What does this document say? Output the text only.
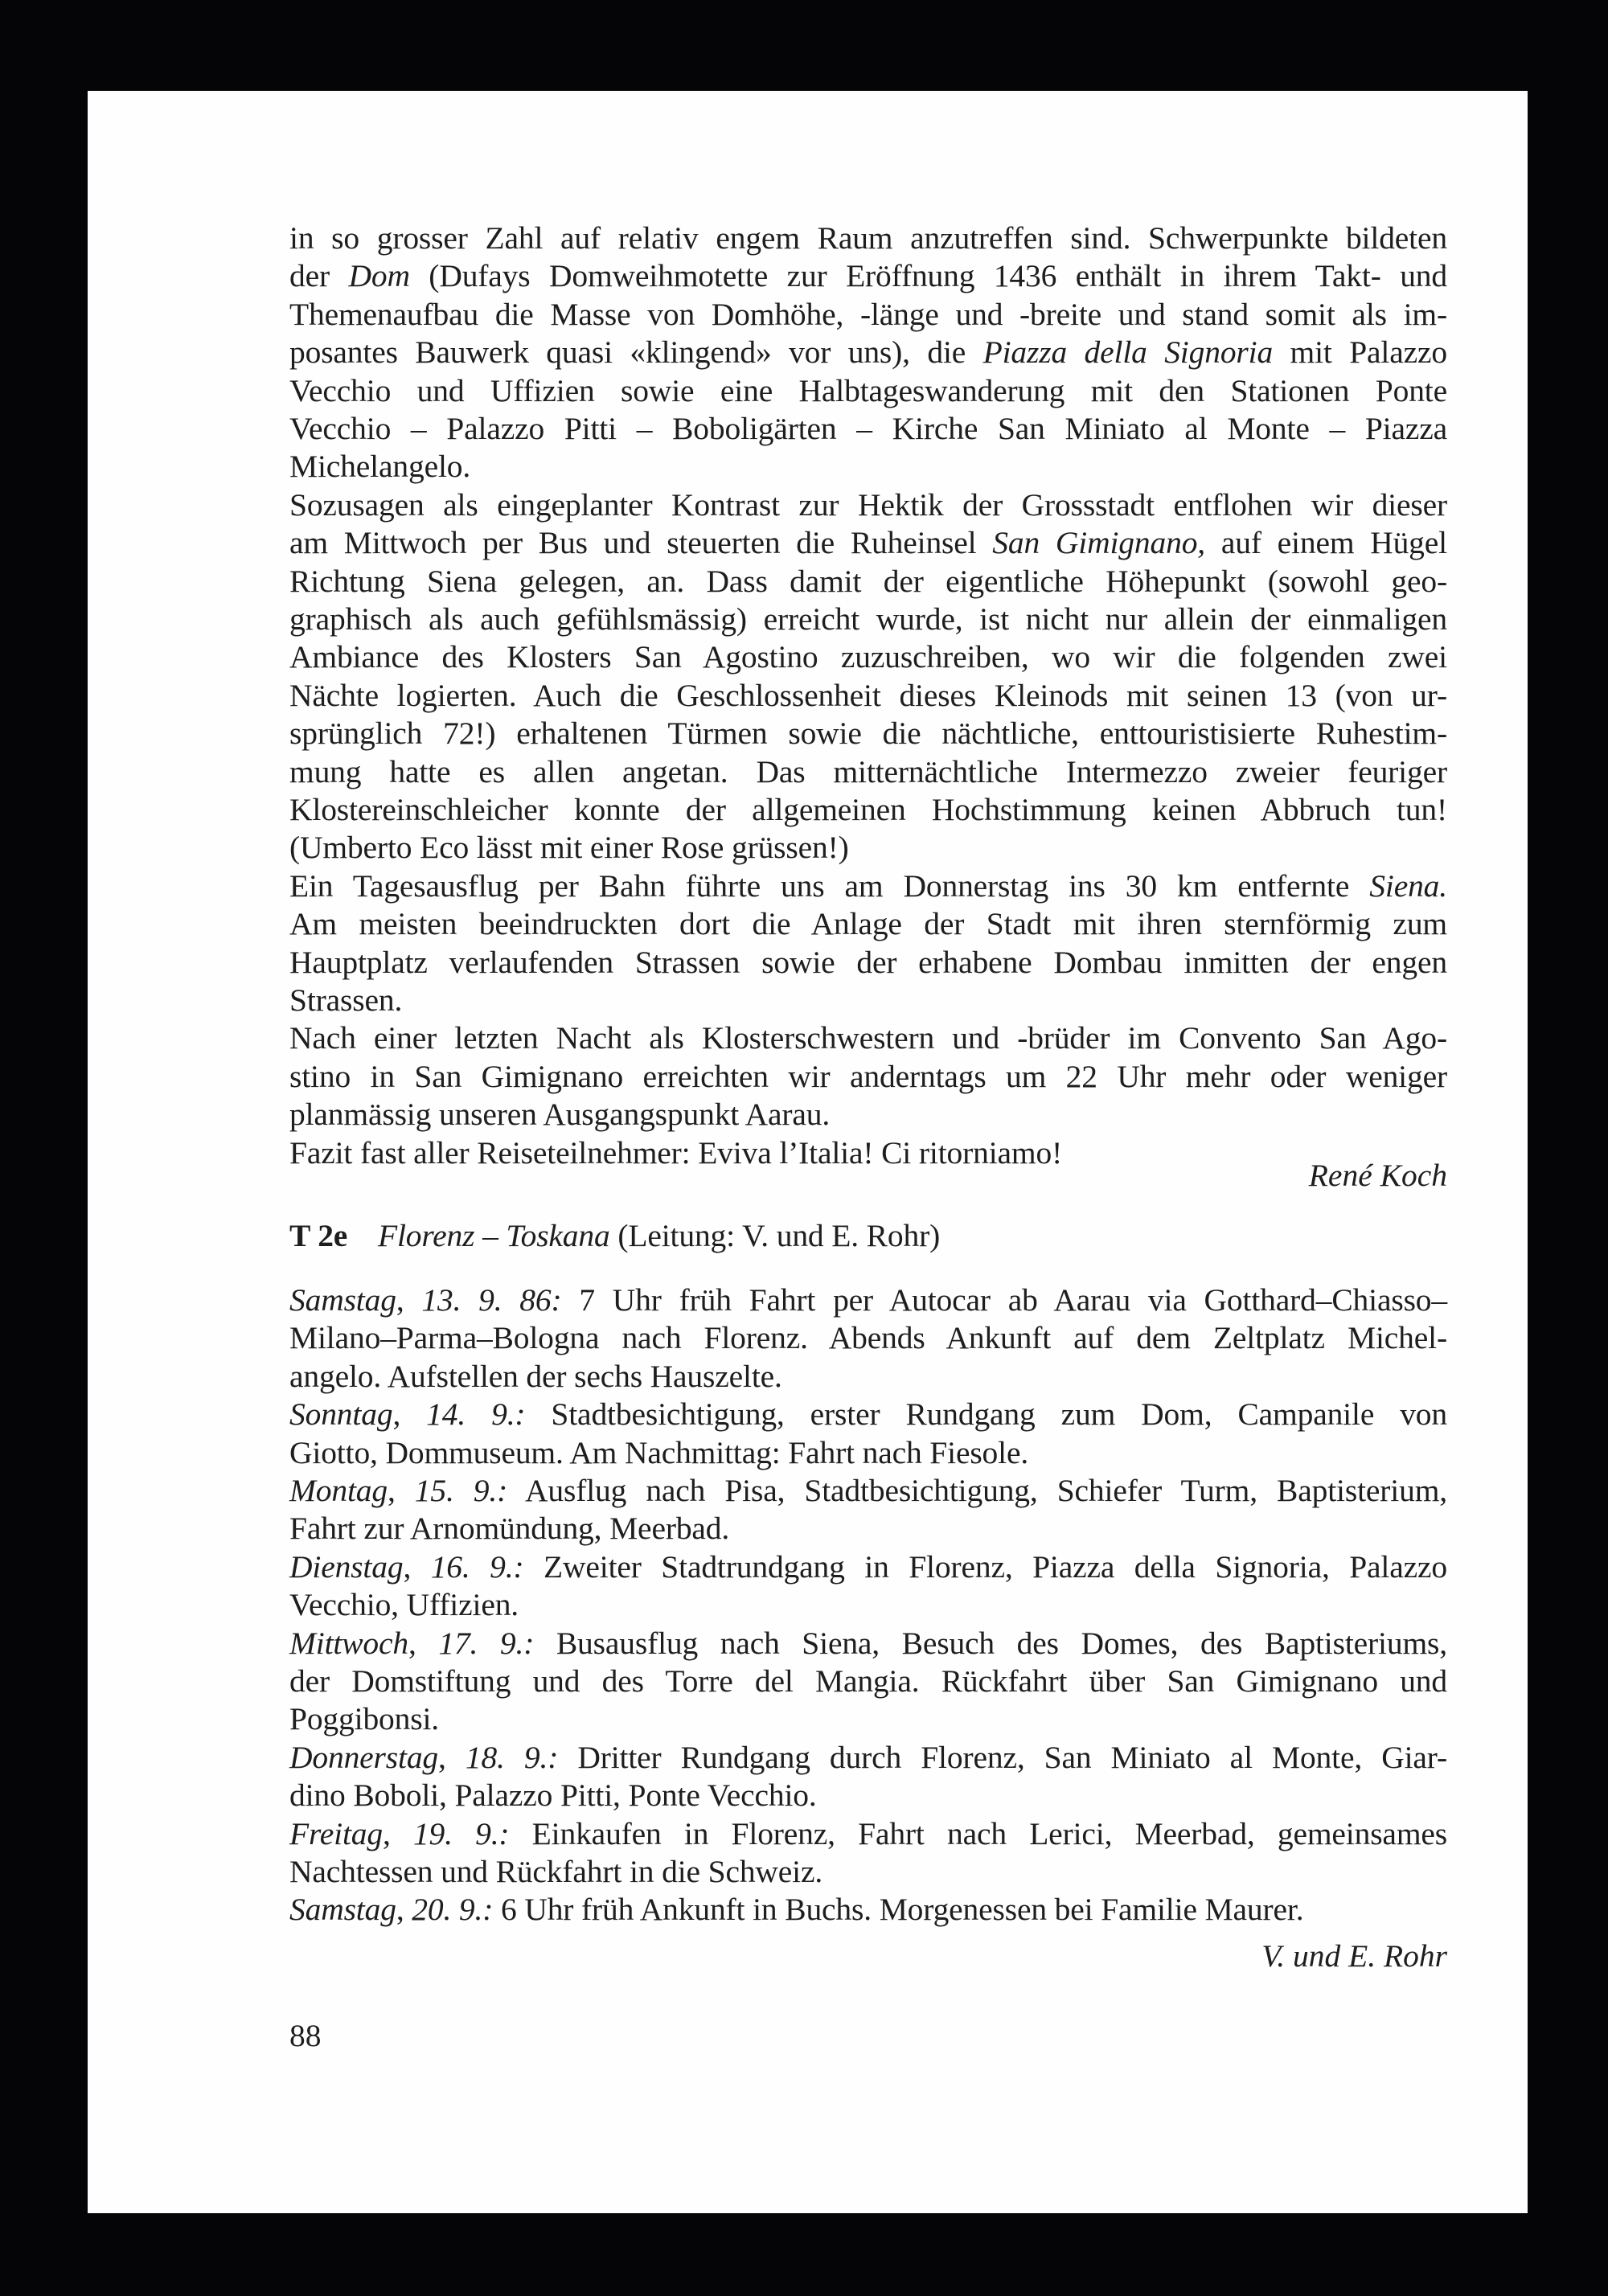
in so grosser Zahl auf relativ engem Raum anzutreffen sind. Schwerpunkte bildeten
der Dom (Dufays Domweihmotette zur Eröffnung 1436 enthält in ihrem Takt- und
Themenaufbau die Masse von Domhöhe, -länge und -breite und stand somit als im-
posantes Bauwerk quasi «klingend» vor uns), die Piazza della Signoria mit Palazzo
Vecchio und Uffizien sowie eine Halbtageswanderung mit den Stationen Ponte
Vecchio – Palazzo Pitti – Boboligärten – Kirche San Miniato al Monte – Piazza
Michelangelo.
Sozusagen als eingeplanter Kontrast zur Hektik der Grossstadt entflohen wir dieser
am Mittwoch per Bus und steuerten die Ruheinsel San Gimignano, auf einem Hügel
Richtung Siena gelegen, an. Dass damit der eigentliche Höhepunkt (sowohl geo-
graphisch als auch gefühlsmässig) erreicht wurde, ist nicht nur allein der einmaligen
Ambiance des Klosters San Agostino zuzuschreiben, wo wir die folgenden zwei
Nächte logierten. Auch die Geschlossenheit dieses Kleinods mit seinen 13 (von ur-
sprünglich 72!) erhaltenen Türmen sowie die nächtliche, enttouristisierte Ruhestim-
mung hatte es allen angetan. Das mitternächtliche Intermezzo zweier feuriger
Klostereinschleicher konnte der allgemeinen Hochstimmung keinen Abbruch tun!
(Umberto Eco lässt mit einer Rose grüssen!)
Ein Tagesausflug per Bahn führte uns am Donnerstag ins 30 km entfernte Siena.
Am meisten beeindruckten dort die Anlage der Stadt mit ihren sternförmig zum
Hauptplatz verlaufenden Strassen sowie der erhabene Dombau inmitten der engen
Strassen.
Nach einer letzten Nacht als Klosterschwestern und -brüder im Convento San Ago-
stino in San Gimignano erreichten wir anderntags um 22 Uhr mehr oder weniger
planmässig unseren Ausgangspunkt Aarau.
Fazit fast aller Reiseteilnehmer: Eviva l’Italia! Ci ritorniamo!
René Koch
T 2e Florenz – Toskana (Leitung: V. und E. Rohr)
Samstag, 13. 9. 86: 7 Uhr früh Fahrt per Autocar ab Aarau via Gotthard–Chiasso–
Milano–Parma–Bologna nach Florenz. Abends Ankunft auf dem Zeltplatz Michel-
angelo. Aufstellen der sechs Hauszelte.
Sonntag, 14. 9.: Stadtbesichtigung, erster Rundgang zum Dom, Campanile von
Giotto, Dommuseum. Am Nachmittag: Fahrt nach Fiesole.
Montag, 15. 9.: Ausflug nach Pisa, Stadtbesichtigung, Schiefer Turm, Baptisterium,
Fahrt zur Arnomündung, Meerbad.
Dienstag, 16. 9.: Zweiter Stadtrundgang in Florenz, Piazza della Signoria, Palazzo
Vecchio, Uffizien.
Mittwoch, 17. 9.: Busausflug nach Siena, Besuch des Domes, des Baptisteriums,
der Domstiftung und des Torre del Mangia. Rückfahrt über San Gimignano und
Poggibonsi.
Donnerstag, 18. 9.: Dritter Rundgang durch Florenz, San Miniato al Monte, Giar-
dino Boboli, Palazzo Pitti, Ponte Vecchio.
Freitag, 19. 9.: Einkaufen in Florenz, Fahrt nach Lerici, Meerbad, gemeinsames
Nachtessen und Rückfahrt in die Schweiz.
Samstag, 20. 9.: 6 Uhr früh Ankunft in Buchs. Morgenessen bei Familie Maurer.
V. und E. Rohr
88
